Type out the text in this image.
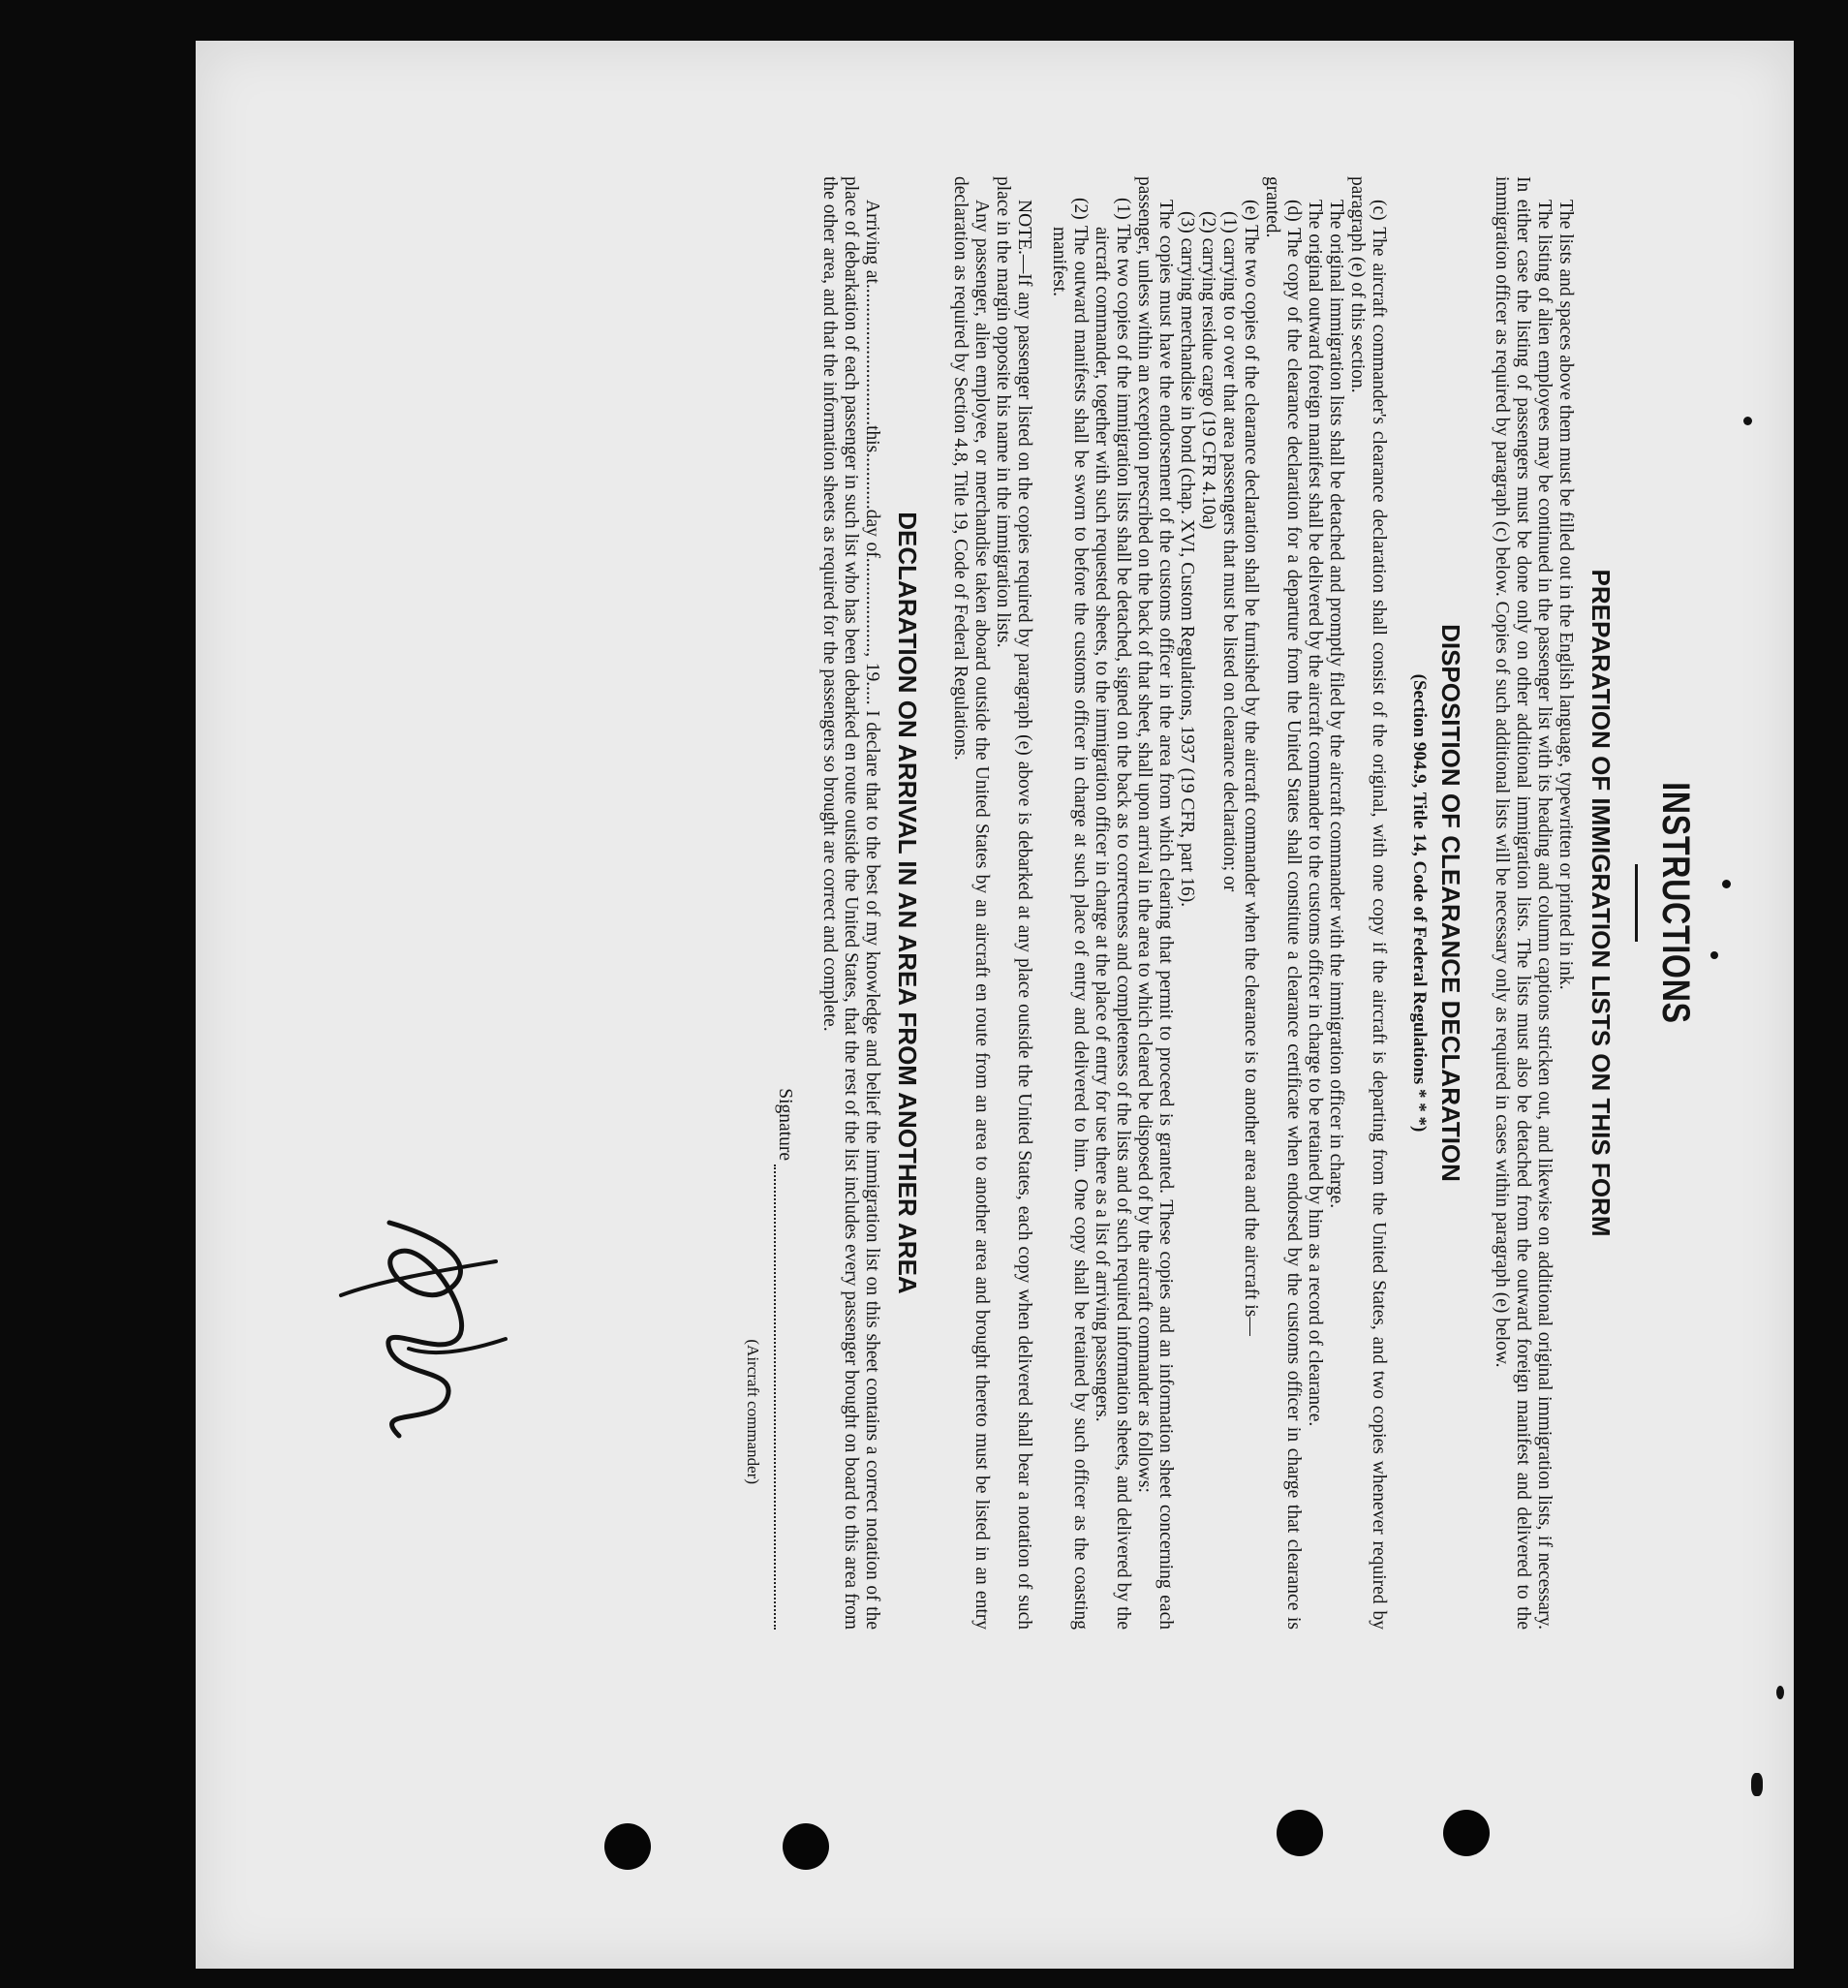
INSTRUCTIONS
PREPARATION OF IMMIGRATION LISTS ON THIS FORM

The lists and spaces above them must be filled out in the English language, typewritten or printed in ink.

The listing of alien employees may be continued in the passenger list with its heading and column captions stricken out, and likewise on additional original immigration lists, if necessary. In either case the listing of passengers must be done only on other additional immigration lists. The lists must also be detached from the outward foreign manifest and delivered to the immigration officer as required by paragraph (c) below. Copies of such additional lists will be necessary only as required in cases within paragraph (e) below.

DISPOSITION OF CLEARANCE DECLARATION
(Section 904.9, Title 14, Code of Federal Regulations * * *)

(c) The aircraft commander's clearance declaration shall consist of the original, with one copy if the aircraft is departing from the United States, and two copies whenever required by paragraph (e) of this section.

The original immigration lists shall be detached and promptly filed by the aircraft commander with the immigration officer in charge.

The original outward foreign manifest shall be delivered by the aircraft commander to the customs officer in charge to be retained by him as a record of clearance.

(d) The copy of the clearance declaration for a departure from the United States shall constitute a clearance certificate when endorsed by the customs officer in charge that clearance is granted.

(e) The two copies of the clearance declaration shall be furnished by the aircraft commander when the clearance is to another area and the aircraft is—

(1) carrying to or over that area passengers that must be listed on clearance declaration; or

(2) carrying residue cargo (19 CFR 4.10a)

(3) carrying merchandise in bond (chap. XVI, Custom Regulations, 1937 (19 CFR, part 16).

The copies must have the endorsement of the customs officer in the area from which clearing that permit to proceed is granted. These copies and an information sheet concerning each passenger, unless within an exception prescribed on the back of that sheet, shall upon arrival in the area to which cleared be disposed of by the aircraft commander as follows:

(1) The two copies of the immigration lists shall be detached, signed on the back as to correctness and completeness of the lists and of such required information sheets, and delivered by the aircraft commander, together with such requested sheets, to the immigration officer in charge at the place of entry for use there as a list of arriving passengers.

(2) The outward manifests shall be sworn to before the customs officer in charge at such place of entry and delivered to him. One copy shall be retained by such officer as the coasting manifest.

NOTE.—If any passenger listed on the copies required by paragraph (e) above is debarked at any place outside the United States, each copy when delivered shall bear a notation of such place in the margin opposite his name in the immigration lists.

Any passenger, alien employee, or merchandise taken aboard outside the United States by an aircraft en route from an area to another area and brought thereto must be listed in an entry declaration as required by Section 4.8, Title 19, Code of Federal Regulations.

DECLARATION ON ARRIVAL IN AN AREA FROM ANOTHER AREA

Arriving at..............................this............day of...................., 19..... I declare that to the best of my knowledge and belief the immigration list on this sheet contains a correct notation of the place of debarkation of each passenger in such list who has been debarked en route outside the United States, that the rest of the list includes every passenger brought on board to this area from the other area, and that the information sheets as required for the passengers so brought are correct and complete.

Signature
(Aircraft commander)
